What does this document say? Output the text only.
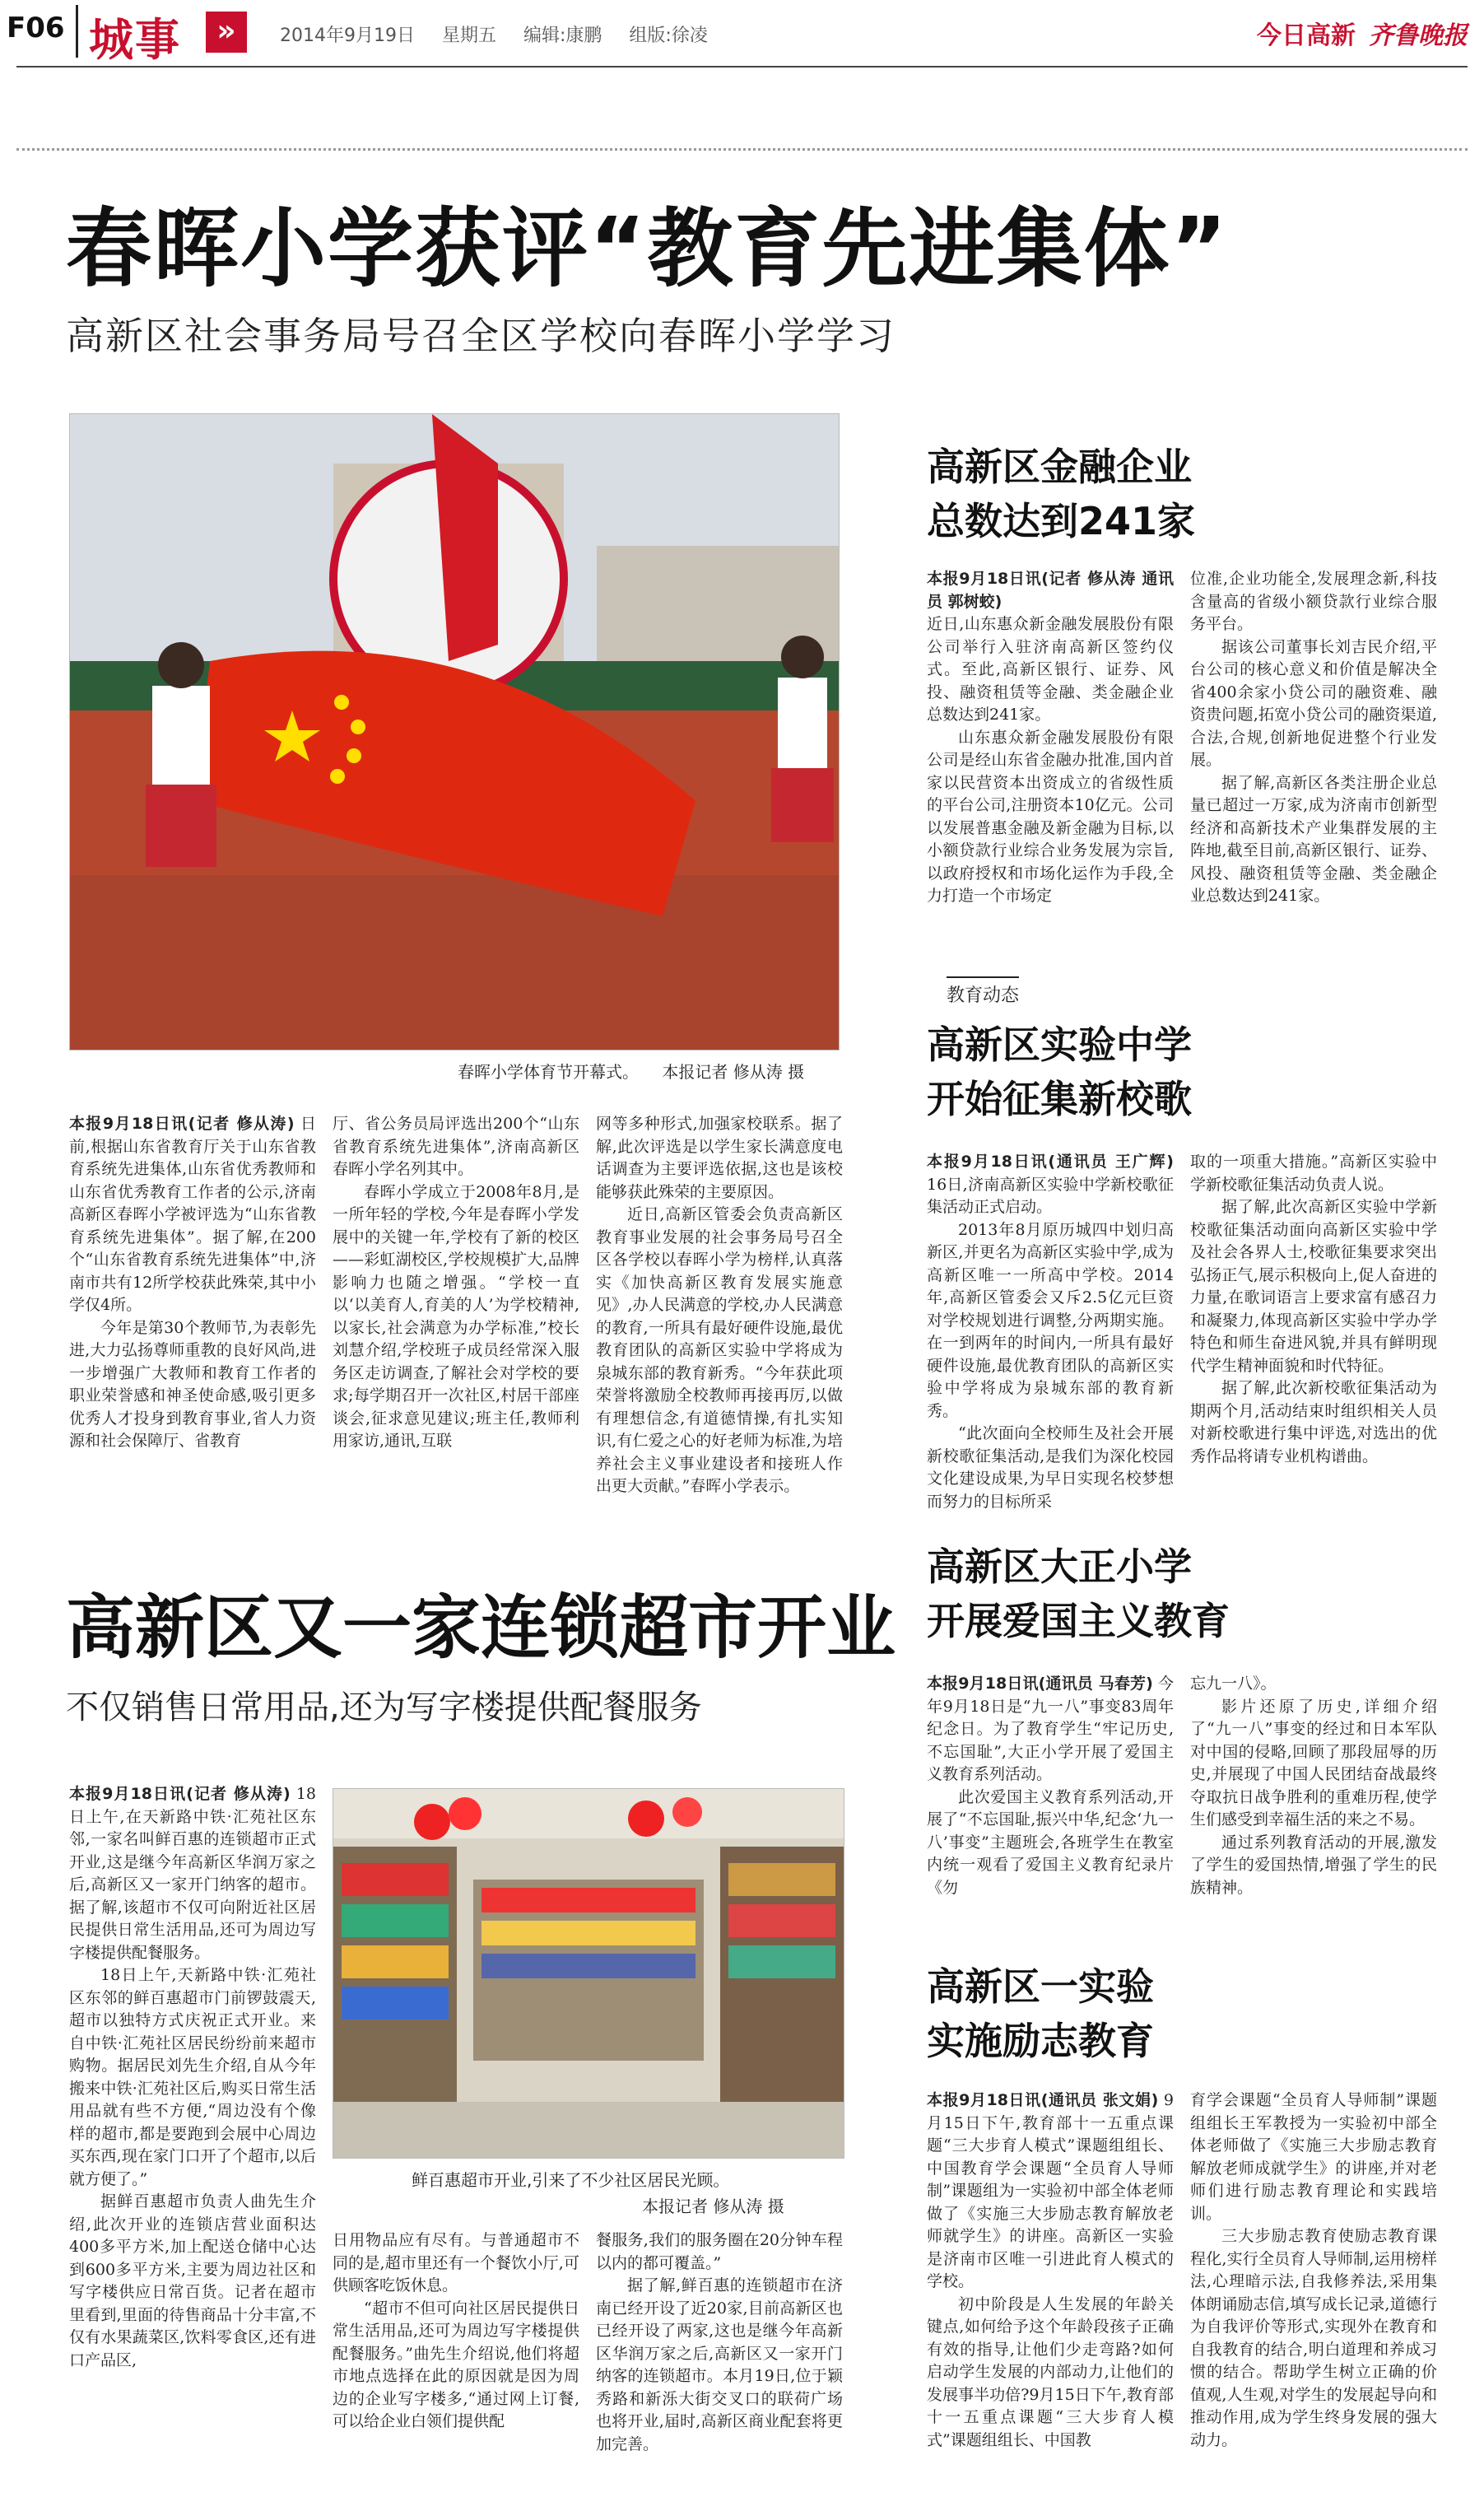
F06 城事	»	2014年9月19日 星期五 编辑:康鹏 组版:徐凌	今日高新 齐鲁晚报
春晖小学获评“教育先进集体”
高新区社会事务局号召全区学校向春晖小学学习
春晖小学体育节开幕式。 本报记者 修从涛 摄

本报9月18日讯(记者 修从涛) 日前,根据山东省教育厅关于山东省教育系统先进集体,山东省优秀教师和山东省优秀教育工作者的公示,济南高新区春晖小学被评选为“山东省教育系统先进集体”。据了解,在200个“山东省教育系统先进集体”中,济南市共有12所学校获此殊荣,其中小学仅4所。

今年是第30个教师节,为表彰先进,大力弘扬尊师重教的良好风尚,进一步增强广大教师和教育工作者的职业荣誉感和神圣使命感,吸引更多优秀人才投身到教育事业,省人力资源和社会保障厅、省教育

厅、省公务员局评选出200个“山东省教育系统先进集体”,济南高新区春晖小学名列其中。

春晖小学成立于2008年8月,是一所年轻的学校,今年是春晖小学发展中的关键一年,学校有了新的校区——彩虹湖校区,学校规模扩大,品牌影响力也随之增强。“学校一直以‘以美育人,育美的人’为学校精神,以家长,社会满意为办学标准,”校长刘慧介绍,学校班子成员经常深入服务区走访调查,了解社会对学校的要求;每学期召开一次社区,村居干部座谈会,征求意见建议;班主任,教师利用家访,通讯,互联

网等多种形式,加强家校联系。据了解,此次评选是以学生家长满意度电话调查为主要评选依据,这也是该校能够获此殊荣的主要原因。

近日,高新区管委会负责高新区教育事业发展的社会事务局号召全区各学校以春晖小学为榜样,认真落实《加快高新区教育发展实施意见》,办人民满意的学校,办人民满意的教育,一所具有最好硬件设施,最优教育团队的高新区实验中学将成为泉城东部的教育新秀。“今年获此项荣誉将激励全校教师再接再厉,以做有理想信念,有道德情操,有扎实知识,有仁爱之心的好老师为标准,为培养社会主义事业建设者和接班人作出更大贡献。”春晖小学表示。

高新区又一家连锁超市开业
不仅销售日常用品,还为写字楼提供配餐服务

本报9月18日讯(记者 修从涛) 18日上午,在天新路中铁·汇苑社区东邻,一家名叫鲜百惠的连锁超市正式开业,这是继今年高新区华润万家之后,高新区又一家开门纳客的超市。据了解,该超市不仅可向附近社区居民提供日常生活用品,还可为周边写字楼提供配餐服务。

18日上午,天新路中铁·汇苑社区东邻的鲜百惠超市门前锣鼓震天,超市以独特方式庆祝正式开业。来自中铁·汇苑社区居民纷纷前来超市购物。据居民刘先生介绍,自从今年搬来中铁·汇苑社区后,购买日常生活用品就有些不方便,“周边没有个像样的超市,都是要跑到会展中心周边买东西,现在家门口开了个超市,以后就方便了。”

据鲜百惠超市负责人曲先生介绍,此次开业的连锁店营业面积达400多平方米,加上配送仓储中心达到600多平方米,主要为周边社区和写字楼供应日常百货。记者在超市里看到,里面的待售商品十分丰富,不仅有水果蔬菜区,饮料零食区,还有进口产品区,

鲜百惠超市开业,引来了不少社区居民光顾。
本报记者 修从涛 摄

日用物品应有尽有。与普通超市不同的是,超市里还有一个餐饮小厅,可供顾客吃饭休息。

“超市不但可向社区居民提供日常生活用品,还可为周边写字楼提供配餐服务。”曲先生介绍说,他们将超市地点选择在此的原因就是因为周边的企业写字楼多,“通过网上订餐,可以给企业白领们提供配

餐服务,我们的服务圈在20分钟车程以内的都可覆盖。”

据了解,鲜百惠的连锁超市在济南已经开设了近20家,目前高新区也已经开设了两家,这也是继今年高新区华润万家之后,高新区又一家开门纳客的连锁超市。本月19日,位于颖秀路和新泺大街交叉口的联荷广场也将开业,届时,高新区商业配套将更加完善。

高新区金融企业
总数达到241家

本报9月18日讯(记者 修从涛 通讯员 郭树蛟)

近日,山东惠众新金融发展股份有限公司举行入驻济南高新区签约仪式。至此,高新区银行、证券、风投、融资租赁等金融、类金融企业总数达到241家。

山东惠众新金融发展股份有限公司是经山东省金融办批准,国内首家以民营资本出资成立的省级性质的平台公司,注册资本10亿元。公司以发展普惠金融及新金融为目标,以小额贷款行业综合业务发展为宗旨,以政府授权和市场化运作为手段,全力打造一个市场定

位准,企业功能全,发展理念新,科技含量高的省级小额贷款行业综合服务平台。

据该公司董事长刘吉民介绍,平台公司的核心意义和价值是解决全省400余家小贷公司的融资难、融资贵问题,拓宽小贷公司的融资渠道,合法,合规,创新地促进整个行业发展。

据了解,高新区各类注册企业总量已超过一万家,成为济南市创新型经济和高新技术产业集群发展的主阵地,截至目前,高新区银行、证券、风投、融资租赁等金融、类金融企业总数达到241家。

教育动态
高新区实验中学
开始征集新校歌

本报9月18日讯(通讯员 王广辉) 16日,济南高新区实验中学新校歌征集活动正式启动。

2013年8月原历城四中划归高新区,并更名为高新区实验中学,成为高新区唯一一所高中学校。2014年,高新区管委会又斥2.5亿元巨资对学校规划进行调整,分两期实施。在一到两年的时间内,一所具有最好硬件设施,最优教育团队的高新区实验中学将成为泉城东部的教育新秀。

“此次面向全校师生及社会开展新校歌征集活动,是我们为深化校园文化建设成果,为早日实现名校梦想而努力的目标所采

取的一项重大措施。”高新区实验中学新校歌征集活动负责人说。

据了解,此次高新区实验中学新校歌征集活动面向高新区实验中学及社会各界人士,校歌征集要求突出弘扬正气,展示积极向上,促人奋进的力量,在歌词语言上要求富有感召力和凝聚力,体现高新区实验中学办学特色和师生奋进风貌,并具有鲜明现代学生精神面貌和时代特征。

据了解,此次新校歌征集活动为期两个月,活动结束时组织相关人员对新校歌进行集中评选,对选出的优秀作品将请专业机构谱曲。

高新区大正小学
开展爱国主义教育

本报9月18日讯(通讯员 马春芳) 今年9月18日是“九一八”事变83周年纪念日。为了教育学生“牢记历史,不忘国耻”,大正小学开展了爱国主义教育系列活动。

此次爱国主义教育系列活动,开展了“不忘国耻,振兴中华,纪念‘九一八’事变”主题班会,各班学生在教室内统一观看了爱国主义教育纪录片《勿

忘九一八》。

影片还原了历史,详细介绍了“九一八”事变的经过和日本军队对中国的侵略,回顾了那段屈辱的历史,并展现了中国人民团结奋战最终夺取抗日战争胜利的重难历程,使学生们感受到幸福生活的来之不易。

通过系列教育活动的开展,激发了学生的爱国热情,增强了学生的民族精神。

高新区一实验
实施励志教育

本报9月18日讯(通讯员 张文娟) 9月15日下午,教育部十一五重点课题“三大步育人模式”课题组组长、中国教育学会课题“全员育人导师制”课题组为一实验初中部全体老师做了《实施三大步励志教育解放老师就学生》的讲座。高新区一实验是济南市区唯一引进此育人模式的学校。

初中阶段是人生发展的年龄关键点,如何给予这个年龄段孩子正确有效的指导,让他们少走弯路?如何启动学生发展的内部动力,让他们的发展事半功倍?9月15日下午,教育部十一五重点课题“三大步育人模式”课题组组长、中国教

育学会课题“全员育人导师制”课题组组长王军教授为一实验初中部全体老师做了《实施三大步励志教育 解放老师成就学生》的讲座,并对老师们进行励志教育理论和实践培训。

三大步励志教育使励志教育课程化,实行全员育人导师制,运用榜样法,心理暗示法,自我修养法,采用集体朗诵励志信,填写成长记录,道德行为自我评价等形式,实现外在教育和自我教育的结合,明白道理和养成习惯的结合。帮助学生树立正确的价值观,人生观,对学生的发展起导向和推动作用,成为学生终身发展的强大动力。
